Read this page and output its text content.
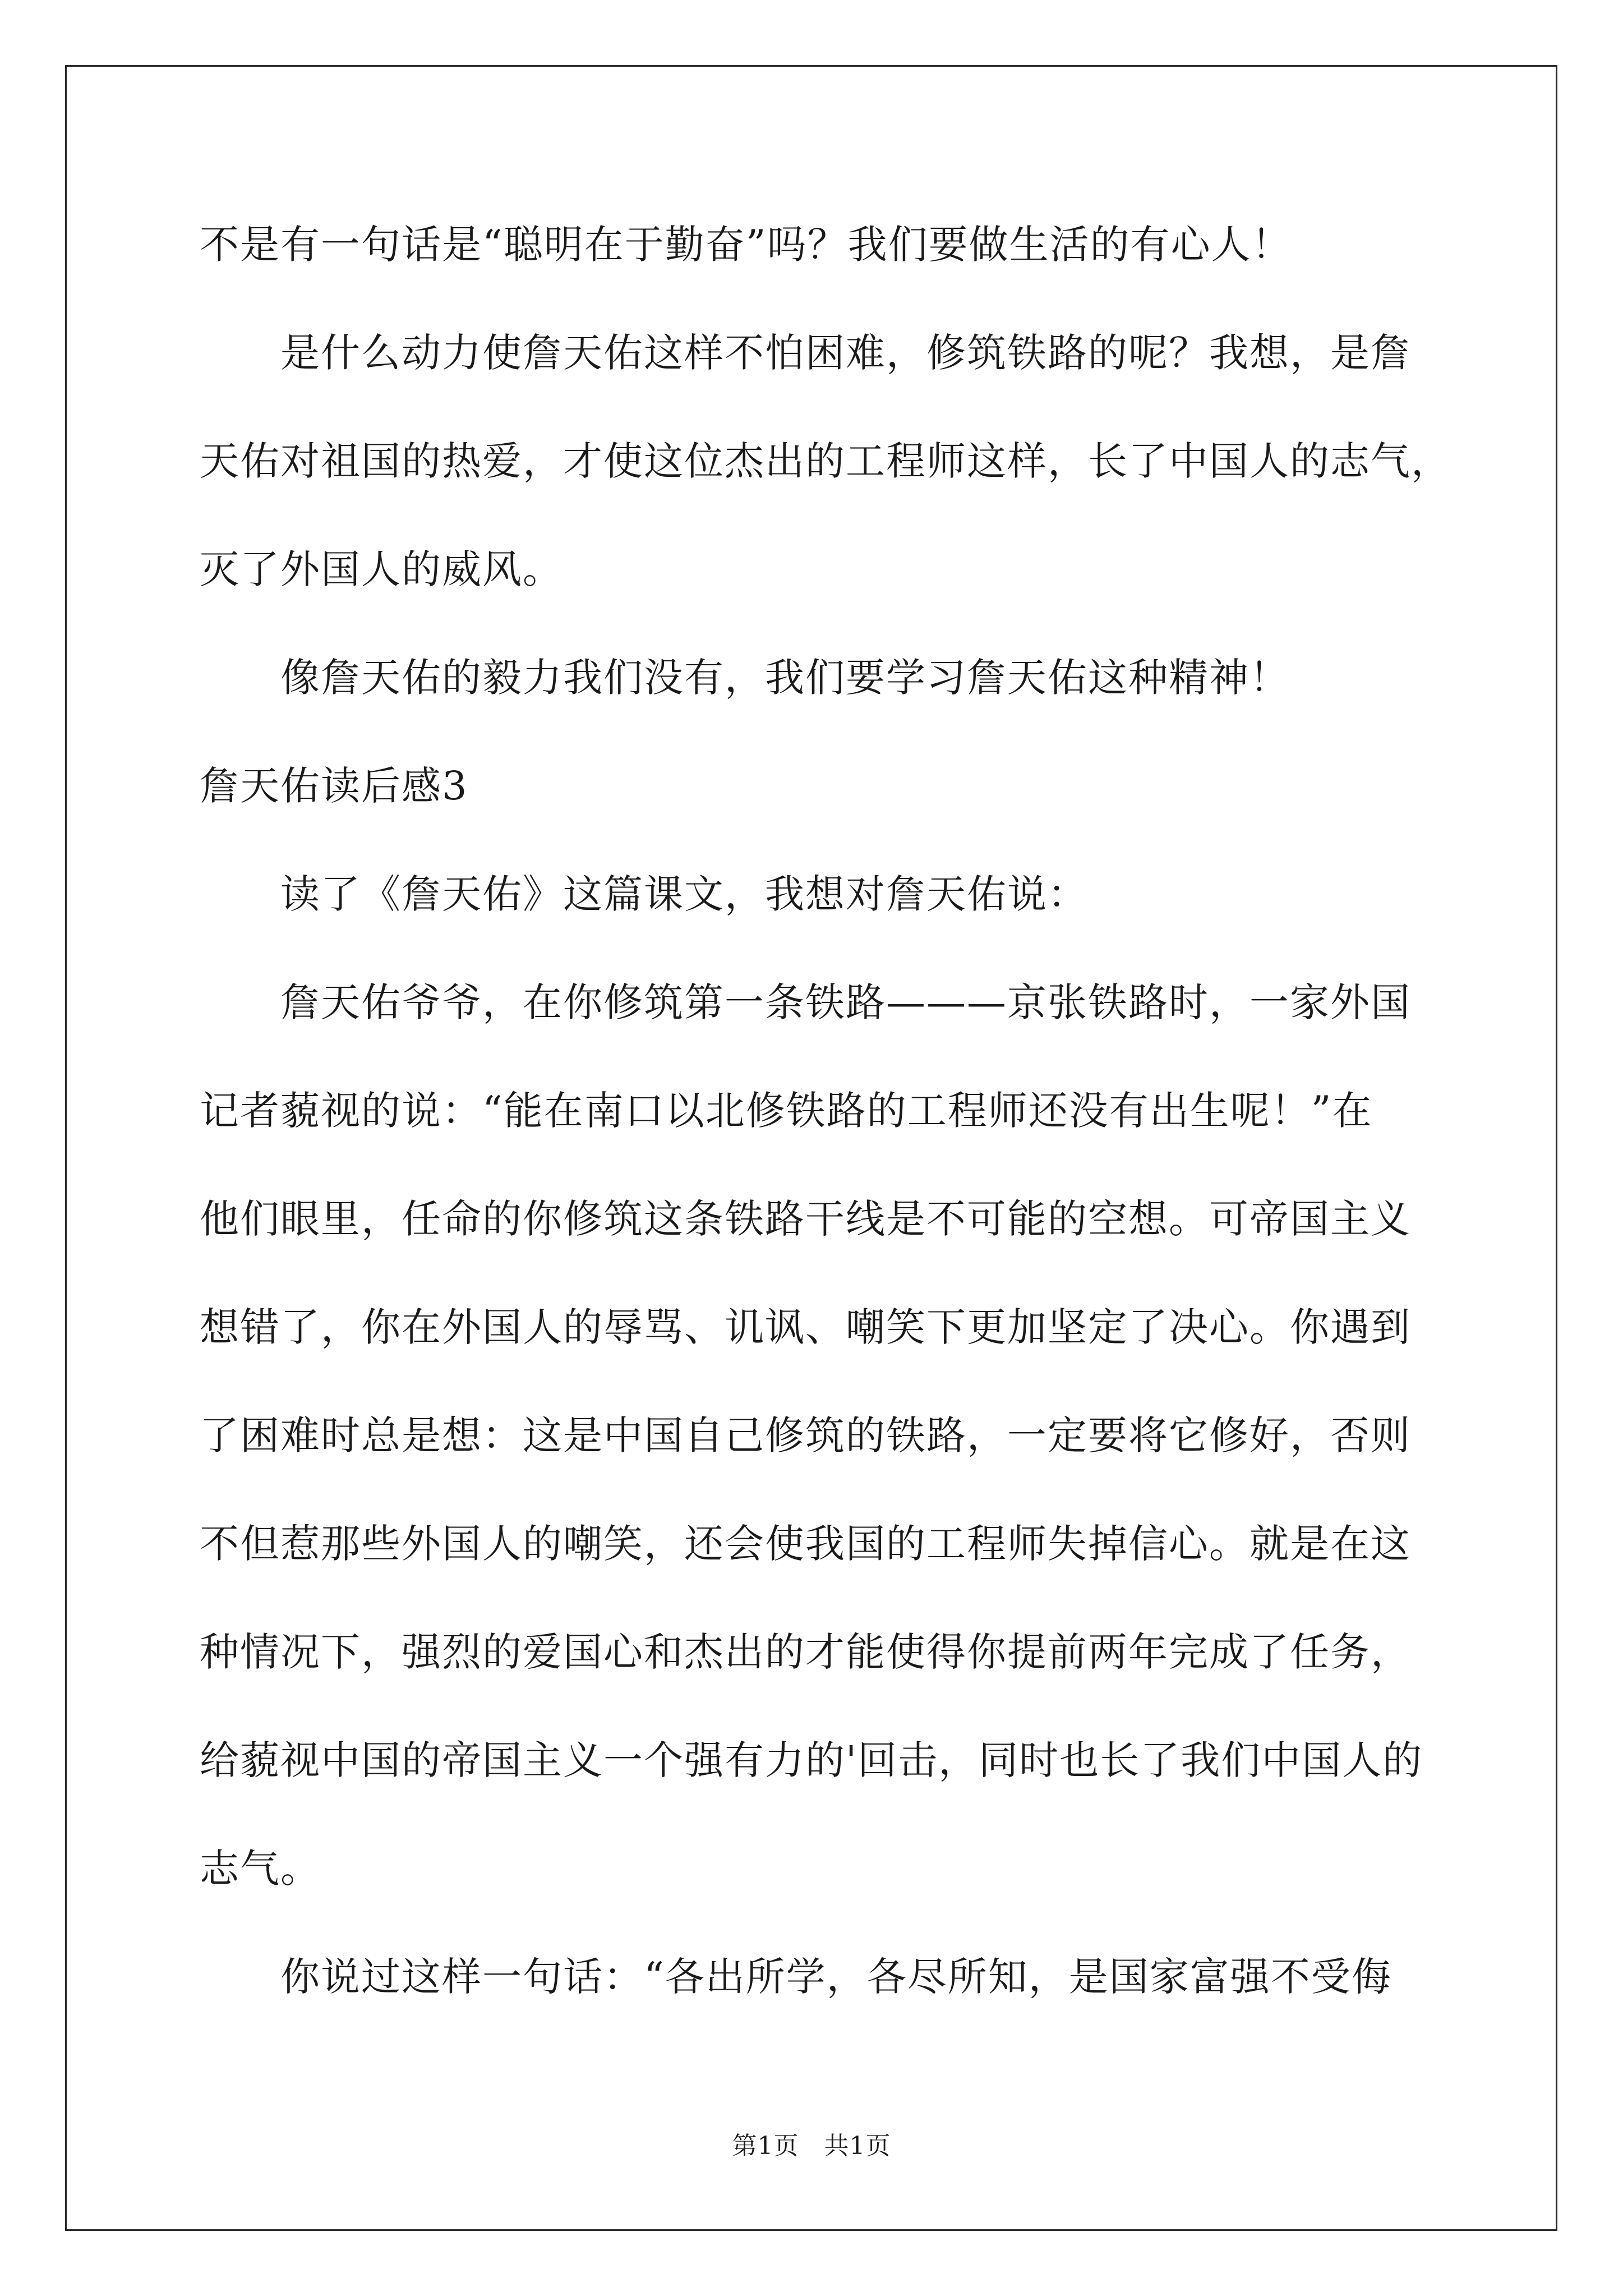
不是有一句话是“聪明在于勤奋”吗？我们要做生活的有心人！
是什么动力使詹天佑这样不怕困难，修筑铁路的呢？我想，是詹
天佑对祖国的热爱，才使这位杰出的工程师这样，长了中国人的志气，
灭了外国人的威风。
像詹天佑的毅力我们没有，我们要学习詹天佑这种精神！
詹天佑读后感3
读了《詹天佑》这篇课文，我想对詹天佑说：
詹天佑爷爷，在你修筑第一条铁路———京张铁路时，一家外国
记者藐视的说：“能在南口以北修铁路的工程师还没有出生呢！”在
他们眼里，任命的你修筑这条铁路干线是不可能的空想。可帝国主义
想错了，你在外国人的辱骂、讥讽、嘲笑下更加坚定了决心。你遇到
了困难时总是想：这是中国自己修筑的铁路，一定要将它修好，否则
不但惹那些外国人的嘲笑，还会使我国的工程师失掉信心。就是在这
种情况下，强烈的爱国心和杰出的才能使得你提前两年完成了任务，
给藐视中国的帝国主义一个强有力的'回击，同时也长了我们中国人的
志气。
你说过这样一句话：“各出所学，各尽所知，是国家富强不受侮
第1页　共1页
